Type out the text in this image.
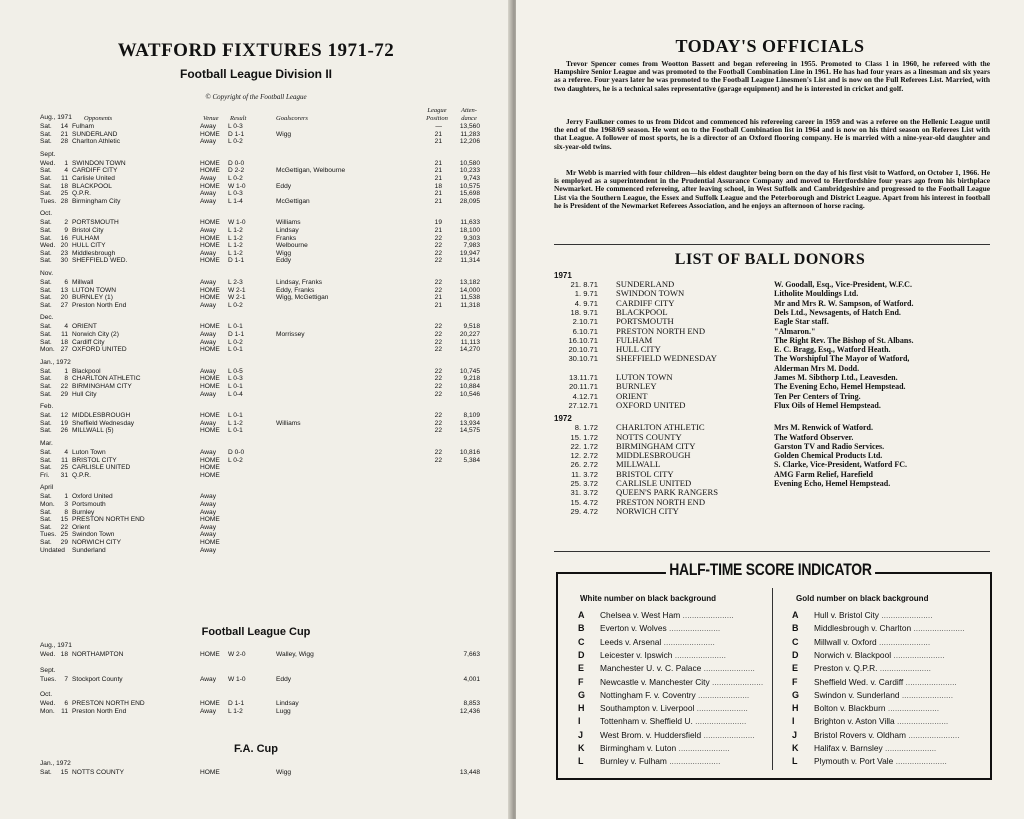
WATFORD FIXTURES 1971-72
Football League Division II
© Copyright of the Football League
Opponents	Venue Result	Goalscorers
League Position
Atten- dance
Aug., 1971
Sat.	14 Fulham	Away L 0-3	—	13,560
Sat.	21 SUNDERLAND	HOME D 1-1	Wigg	21	11,283
Sat.	28 Charlton Athletic	Away L 0-2	21	12,206
Sept.
Wed.	1 SWINDON TOWN	HOME D 0-0	21	10,580
Sat.	4 CARDIFF CITY	HOME D 2-2	McGettigan, Welbourne	21	10,233
Sat.	11 Carlisle United	Away L 0-2	21	9,743
Sat.	18 BLACKPOOL	HOME W 1-0	Eddy	18	10,575
Sat.	25 Q.P.R.	Away L 0-3	21	15,698
Tues. 28 Birmingham City	Away L 1-4	McGettigan	21	28,095
Oct.
Sat.	2 PORTSMOUTH	HOME W 1-0	Williams	19	11,633
Sat.	9 Bristol City	Away L 1-2	Lindsay	21	18,100
Sat.	16 FULHAM	HOME L 1-2	Franks	22	9,303
Wed. 20 HULL CITY	HOME L 1-2	Welbourne	22	7,983
Sat.	23 Middlesbrough	Away L 1-2	Wigg	22	19,947
Sat.	30 SHEFFIELD WED.	HOME D 1-1	Eddy	22	11,314
Nov.
Sat.	6 Millwall	Away L 2-3	Lindsay, Franks	22	13,182
Sat.	13 LUTON TOWN	HOME W 2-1	Eddy, Franks	22	14,000
Sat.	20 BURNLEY (1)	HOME W 2-1	Wigg, McGettigan	21	11,538
Sat.	27 Preston North End	Away L 0-2	21	11,318
Dec.
Sat.	4 ORIENT	HOME L 0-1	22	9,518
Sat.	11 Norwich City (2)	Away D 1-1	Morrissey	22	20,227
Sat.	18 Cardiff City	Away L 0-2	22	11,113
Mon. 27 OXFORD UNITED	HOME L 0-1	22	14,270
Jan., 1972
Sat.	1 Blackpool	Away L 0-5	22	10,745
Sat.	8 CHARLTON ATHLETIC	HOME L 0-3	22	9,218
Sat.	22 BIRMINGHAM CITY	HOME L 0-1	22	10,884
Sat.	29 Hull City	Away L 0-4	22	10,546
Feb.
Sat.	12 MIDDLESBROUGH	HOME L 0-1	22	8,109
Sat.	19 Sheffield Wednesday	Away L 1-2	Williams	22	13,934
Sat.	26 MILLWALL (5)	HOME L 0-1	22	14,575
Mar.
Sat.	4 Luton Town	Away D 0-0	22	10,816
Sat.	11 BRISTOL CITY	HOME L 0-2	22	5,384
Sat.	25 CARLISLE UNITED	HOME
Fri.	31 Q.P.R.	HOME
April
Sat.	1 Oxford United	Away
Mon.	3 Portsmouth	Away
Sat.	8 Burnley	Away
Sat.	15 PRESTON NORTH END	HOME
Sat.	22 Orient	Away
Tues. 25 Swindon Town	Away
Sat.	29 NORWICH CITY	HOME
Undated Sunderland	Away
Football League Cup
Aug., 1971
Wed. 18 NORTHAMPTON	HOME W 2-0	Walley, Wigg	7,663
Sept.
Tues.	7 Stockport County	Away W 1-0	Eddy	4,001
Oct.
Wed.	6 PRESTON NORTH END	HOME D 1-1	Lindsay	8,853
Mon. 11 Preston North End	Away L 1-2	Lugg	12,436
F.A. Cup
Jan., 1972
Sat.	15 NOTTS COUNTY	HOME	Wigg	13,448
TODAY'S OFFICIALS
Trevor Spencer comes from Wootton Bassett and began refereeing in 1955. Promoted to Class 1 in 1960, he refereed with the Hampshire Senior League and was promoted to the Football Combination Line in 1961. He has had four years as a linesman and six years as a referee. Four years later he was promoted to the Football League Linesmen's List and is now on the Full Referees List. Married, with two daughters, he is a technical sales representative (garage equipment) and he is interested in cricket and golf.
Jerry Faulkner comes to us from Didcot and commenced his refereeing career in 1959 and was a referee on the Hellenic League until the end of the 1968/69 season. He went on to the Football Combination list in 1964 and is now on his third season on Referees List with that League. A follower of most sports, he is a director of an Oxford flooring company. He is married with a nine-year-old daughter and six-year-old twins.
Mr Webb is married with four children—his eldest daughter being born on the day of his first visit to Watford, on October 1, 1966. He is employed as a superintendent in the Prudential Assurance Company and moved to Hertfordshire four years ago from his birthplace Newmarket. He commenced refereeing, after leaving school, in West Suffolk and Cambridgeshire and progressed to the Football League List via the Southern League, the Essex and Suffolk League and the Peterborough and District League. Apart from his interest in football he is President of the Newmarket Referees Association, and he enjoys an afternoon of horse racing.
LIST OF BALL DONORS
1971
21. 8.71 SUNDERLAND	W. Goodall, Esq., Vice-President, W.F.C.
1. 9.71 SWINDON TOWN	Litholite Mouldings Ltd.
4. 9.71 CARDIFF CITY	Mr and Mrs R. W. Sampson, of Watford.
18. 9.71 BLACKPOOL	Dels Ltd., Newsagents, of Hatch End.
2.10.71 PORTSMOUTH	Eagle Star staff.
6.10.71 PRESTON NORTH END	"Almaron."
16.10.71 FULHAM	The Right Rev. The Bishop of St. Albans.
20.10.71 HULL CITY	E. C. Bragg, Esq., Watford Heath.
30.10.71 SHEFFIELD WEDNESDAY	The Worshipful The Mayor of Watford,
Alderman Mrs M. Dodd.
13.11.71 LUTON TOWN	James M. Sibthorp Ltd., Leavesden.
20.11.71 BURNLEY	The Evening Echo, Hemel Hempstead.
4.12.71 ORIENT	Ten Per Centers of Tring.
27.12.71 OXFORD UNITED	Flux Oils of Hemel Hempstead.
1972
8. 1.72 CHARLTON ATHLETIC	Mrs M. Renwick of Watford.
15. 1.72 NOTTS COUNTY	The Watford Observer.
22. 1.72 BIRMINGHAM CITY	Garston TV and Radio Services.
12. 2.72 MIDDLESBROUGH	Golden Chemical Products Ltd.
26. 2.72 MILLWALL	S. Clarke, Vice-President, Watford FC.
11. 3.72 BRISTOL CITY	AMG Farm Relief, Harefield
25. 3.72 CARLISLE UNITED	Evening Echo, Hemel Hempstead.
31. 3.72 QUEEN'S PARK RANGERS
15. 4.72 PRESTON NORTH END
29. 4.72 NORWICH CITY
White number on black background	Gold number on black background
A Chelsea v. West Ham ......................
B Everton v. Wolves ......................
C Leeds v. Arsenal ......................
D Leicester v. Ipswich ......................
E Manchester U. v. C. Palace ......................
F Newcastle v. Manchester City ......................
G Nottingham F. v. Coventry ......................
H Southampton v. Liverpool ......................
I Tottenham v. Sheffield U. ......................
J West Brom. v. Huddersfield ......................
K Birmingham v. Luton ......................
L Burnley v. Fulham ......................
A Hull v. Bristol City ......................
B Middlesbrough v. Charlton ......................
C Millwall v. Oxford ......................
D Norwich v. Blackpool ......................
E Preston v. Q.P.R. ......................
F Sheffield Wed. v. Cardiff ......................
G Swindon v. Sunderland ......................
H Bolton v. Blackburn ......................
I Brighton v. Aston Villa ......................
J Bristol Rovers v. Oldham ......................
K Halifax v. Barnsley ......................
L Plymouth v. Port Vale ......................
HALF-TIME SCORE INDICATOR
